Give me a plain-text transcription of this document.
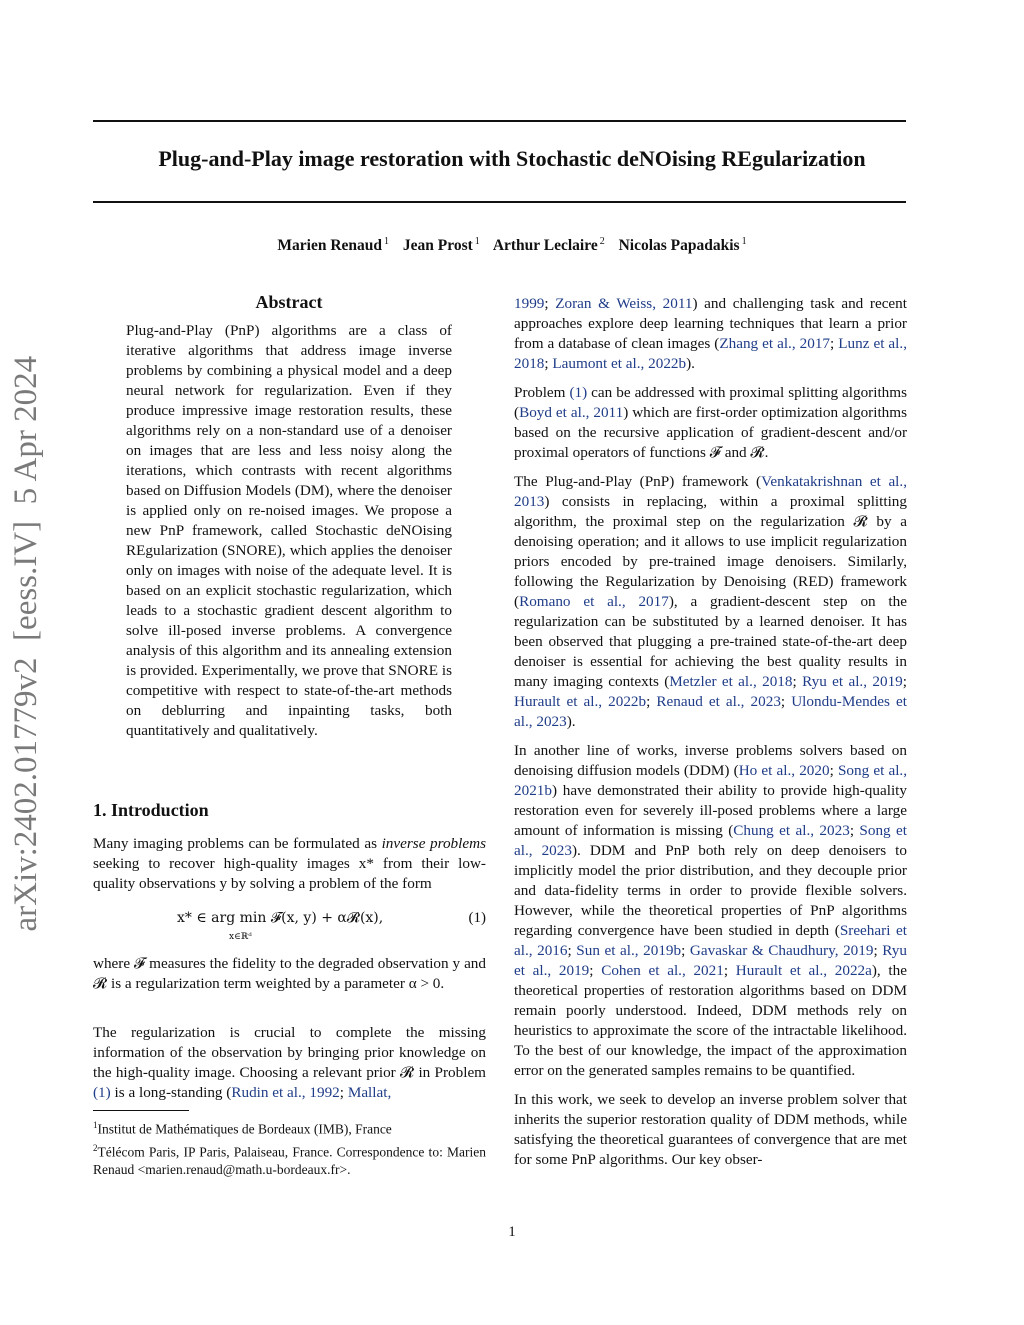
Plug-and-Play image restoration with Stochastic deNOising REgularization
Marien Renaud $^1$ Jean Prost $^1$ Arthur Leclaire $^2$ Nicolas Papadakis $^1$
arXiv:2402.01779v2  [eess.IV]  5 Apr 2024
Abstract
Plug-and-Play (PnP) algorithms are a class of iterative algorithms that address image inverse problems by combining a physical model and a deep neural network for regularization. Even if they produce impressive image restoration results, these algorithms rely on a non-standard use of a denoiser on images that are less and less noisy along the iterations, which contrasts with recent algorithms based on Diffusion Models (DM), where the denoiser is applied only on re-noised images. We propose a new PnP framework, called Stochastic deNOising REgularization (SNORE), which applies the denoiser only on images with noise of the adequate level. It is based on an explicit stochastic regularization, which leads to a stochastic gradient descent algorithm to solve ill-posed inverse problems. A convergence analysis of this algorithm and its annealing extension is provided. Experimentally, we prove that SNORE is competitive with respect to state-of-the-art methods on deblurring and inpainting tasks, both quantitatively and qualitatively.
1. Introduction
Many imaging problems can be formulated as inverse problems seeking to recover high-quality images x* from their low-quality observations y by solving a problem of the form
x* ∈ arg min 𝓕(x, y) + α𝓡(x),
x∈ℝᵈ
(1)
where 𝓕 measures the fidelity to the degraded observation y and 𝓡 is a regularization term weighted by a parameter α > 0.
The regularization is crucial to complete the missing information of the observation by bringing prior knowledge on the high-quality image. Choosing a relevant prior 𝓡 in Problem (1) is a long-standing (Rudin et al., 1992; Mallat,
$^1$Institut de Mathématiques de Bordeaux (IMB), France
$^2$Télécom Paris, IP Paris, Palaiseau, France. Correspondence to: Marien Renaud <marien.renaud@math.u-bordeaux.fr>.

1999; Zoran & Weiss, 2011) and challenging task and recent approaches explore deep learning techniques that learn a prior from a database of clean images (Zhang et al., 2017; Lunz et al., 2018; Laumont et al., 2022b).

Problem (1) can be addressed with proximal splitting algorithms (Boyd et al., 2011) which are first-order optimization algorithms based on the recursive application of gradient-descent and/or proximal operators of functions 𝓕 and 𝓡.

The Plug-and-Play (PnP) framework (Venkatakrishnan et al., 2013) consists in replacing, within a proximal splitting algorithm, the proximal step on the regularization 𝓡 by a denoising operation; and it allows to use implicit regularization priors encoded by pre-trained image denoisers. Similarly, following the Regularization by Denoising (RED) framework (Romano et al., 2017), a gradient-descent step on the regularization can be substituted by a learned denoiser. It has been observed that plugging a pre-trained state-of-the-art deep denoiser is essential for achieving the best quality results in many imaging contexts (Metzler et al., 2018; Ryu et al., 2019; Hurault et al., 2022b; Renaud et al., 2023; Ulondu-Mendes et al., 2023).

In another line of works, inverse problems solvers based on denoising diffusion models (DDM) (Ho et al., 2020; Song et al., 2021b) have demonstrated their ability to provide high-quality restoration even for severely ill-posed problems where a large amount of information is missing (Chung et al., 2023; Song et al., 2023). DDM and PnP both rely on deep denoisers to implicitly model the prior distribution, and they decouple prior and data-fidelity terms in order to provide flexible solvers. However, while the theoretical properties of PnP algorithms regarding convergence have been studied in depth (Sreehari et al., 2016; Sun et al., 2019b; Gavaskar & Chaudhury, 2019; Ryu et al., 2019; Cohen et al., 2021; Hurault et al., 2022a), the theoretical properties of restoration algorithms based on DDM remain poorly understood. Indeed, DDM methods rely on heuristics to approximate the score of the intractable likelihood. To the best of our knowledge, the impact of the approximation error on the generated samples remains to be quantified.

In this work, we seek to develop an inverse problem solver that inherits the superior restoration quality of DDM methods, while satisfying the theoretical guarantees of convergence that are met for some PnP algorithms. Our key obser-

1
